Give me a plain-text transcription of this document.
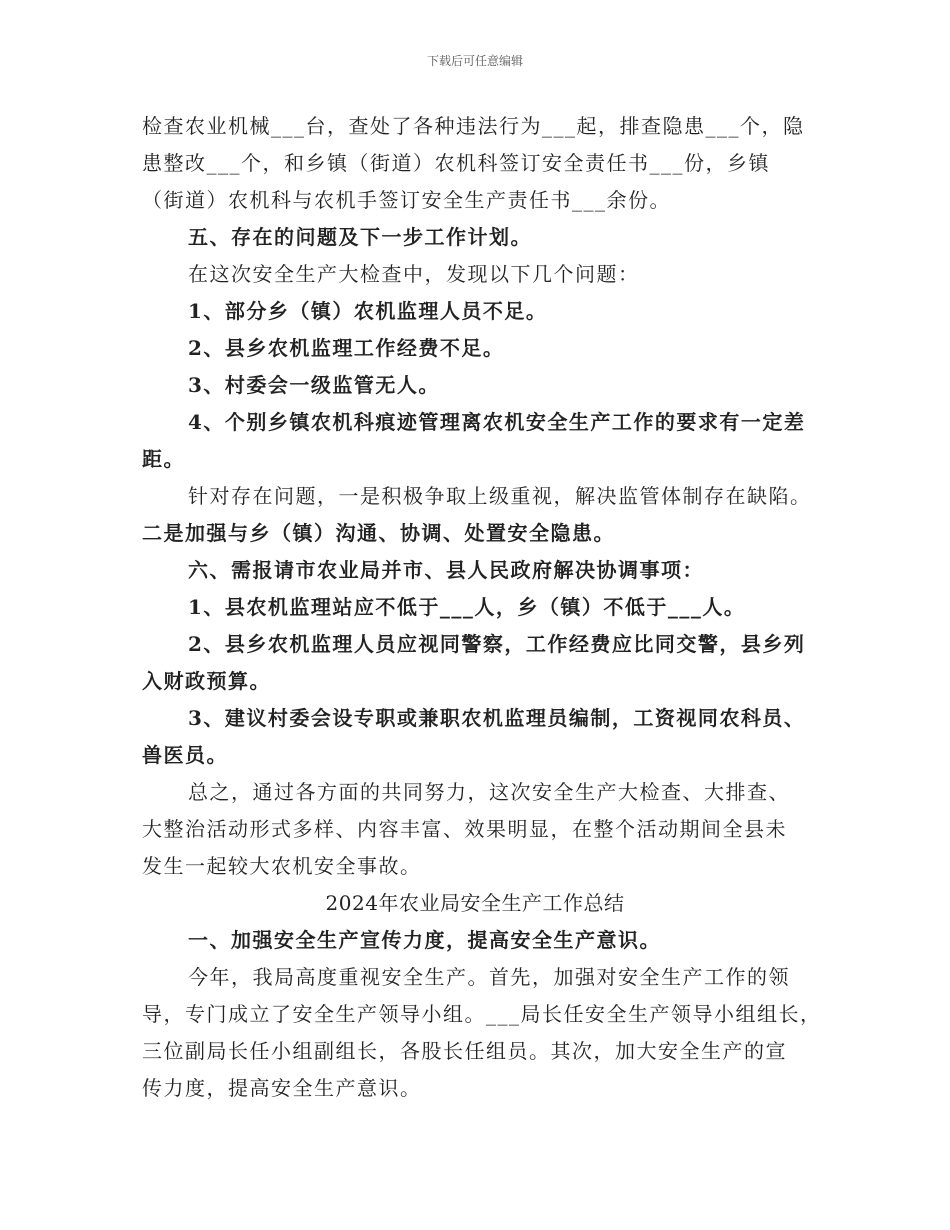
下载后可任意编辑
检查农业机械___台，查处了各种违法行为___起，排查隐患___个，隐
患整改___个，和乡镇（街道）农机科签订安全责任书___份，乡镇
（街道）农机科与农机手签订安全生产责任书___余份。
五、存在的问题及下一步工作计划。
在这次安全生产大检查中，发现以下几个问题：
1、部分乡（镇）农机监理人员不足。
2、县乡农机监理工作经费不足。
3、村委会一级监管无人。
4、个别乡镇农机科痕迹管理离农机安全生产工作的要求有一定差
距。
针对存在问题，一是积极争取上级重视，解决监管体制存在缺陷。
二是加强与乡（镇）沟通、协调、处置安全隐患。
六、需报请市农业局并市、县人民政府解决协调事项：
1、县农机监理站应不低于___人，乡（镇）不低于___人。
2、县乡农机监理人员应视同警察，工作经费应比同交警，县乡列
入财政预算。
3、建议村委会设专职或兼职农机监理员编制，工资视同农科员、
兽医员。
总之，通过各方面的共同努力，这次安全生产大检查、大排查、
大整治活动形式多样、内容丰富、效果明显，在整个活动期间全县未
发生一起较大农机安全事故。
2024年农业局安全生产工作总结
一、加强安全生产宣传力度，提高安全生产意识。
今年，我局高度重视安全生产。首先，加强对安全生产工作的领
导，专门成立了安全生产领导小组。___局长任安全生产领导小组组长，
三位副局长任小组副组长，各股长任组员。其次，加大安全生产的宣
传力度，提高安全生产意识。
